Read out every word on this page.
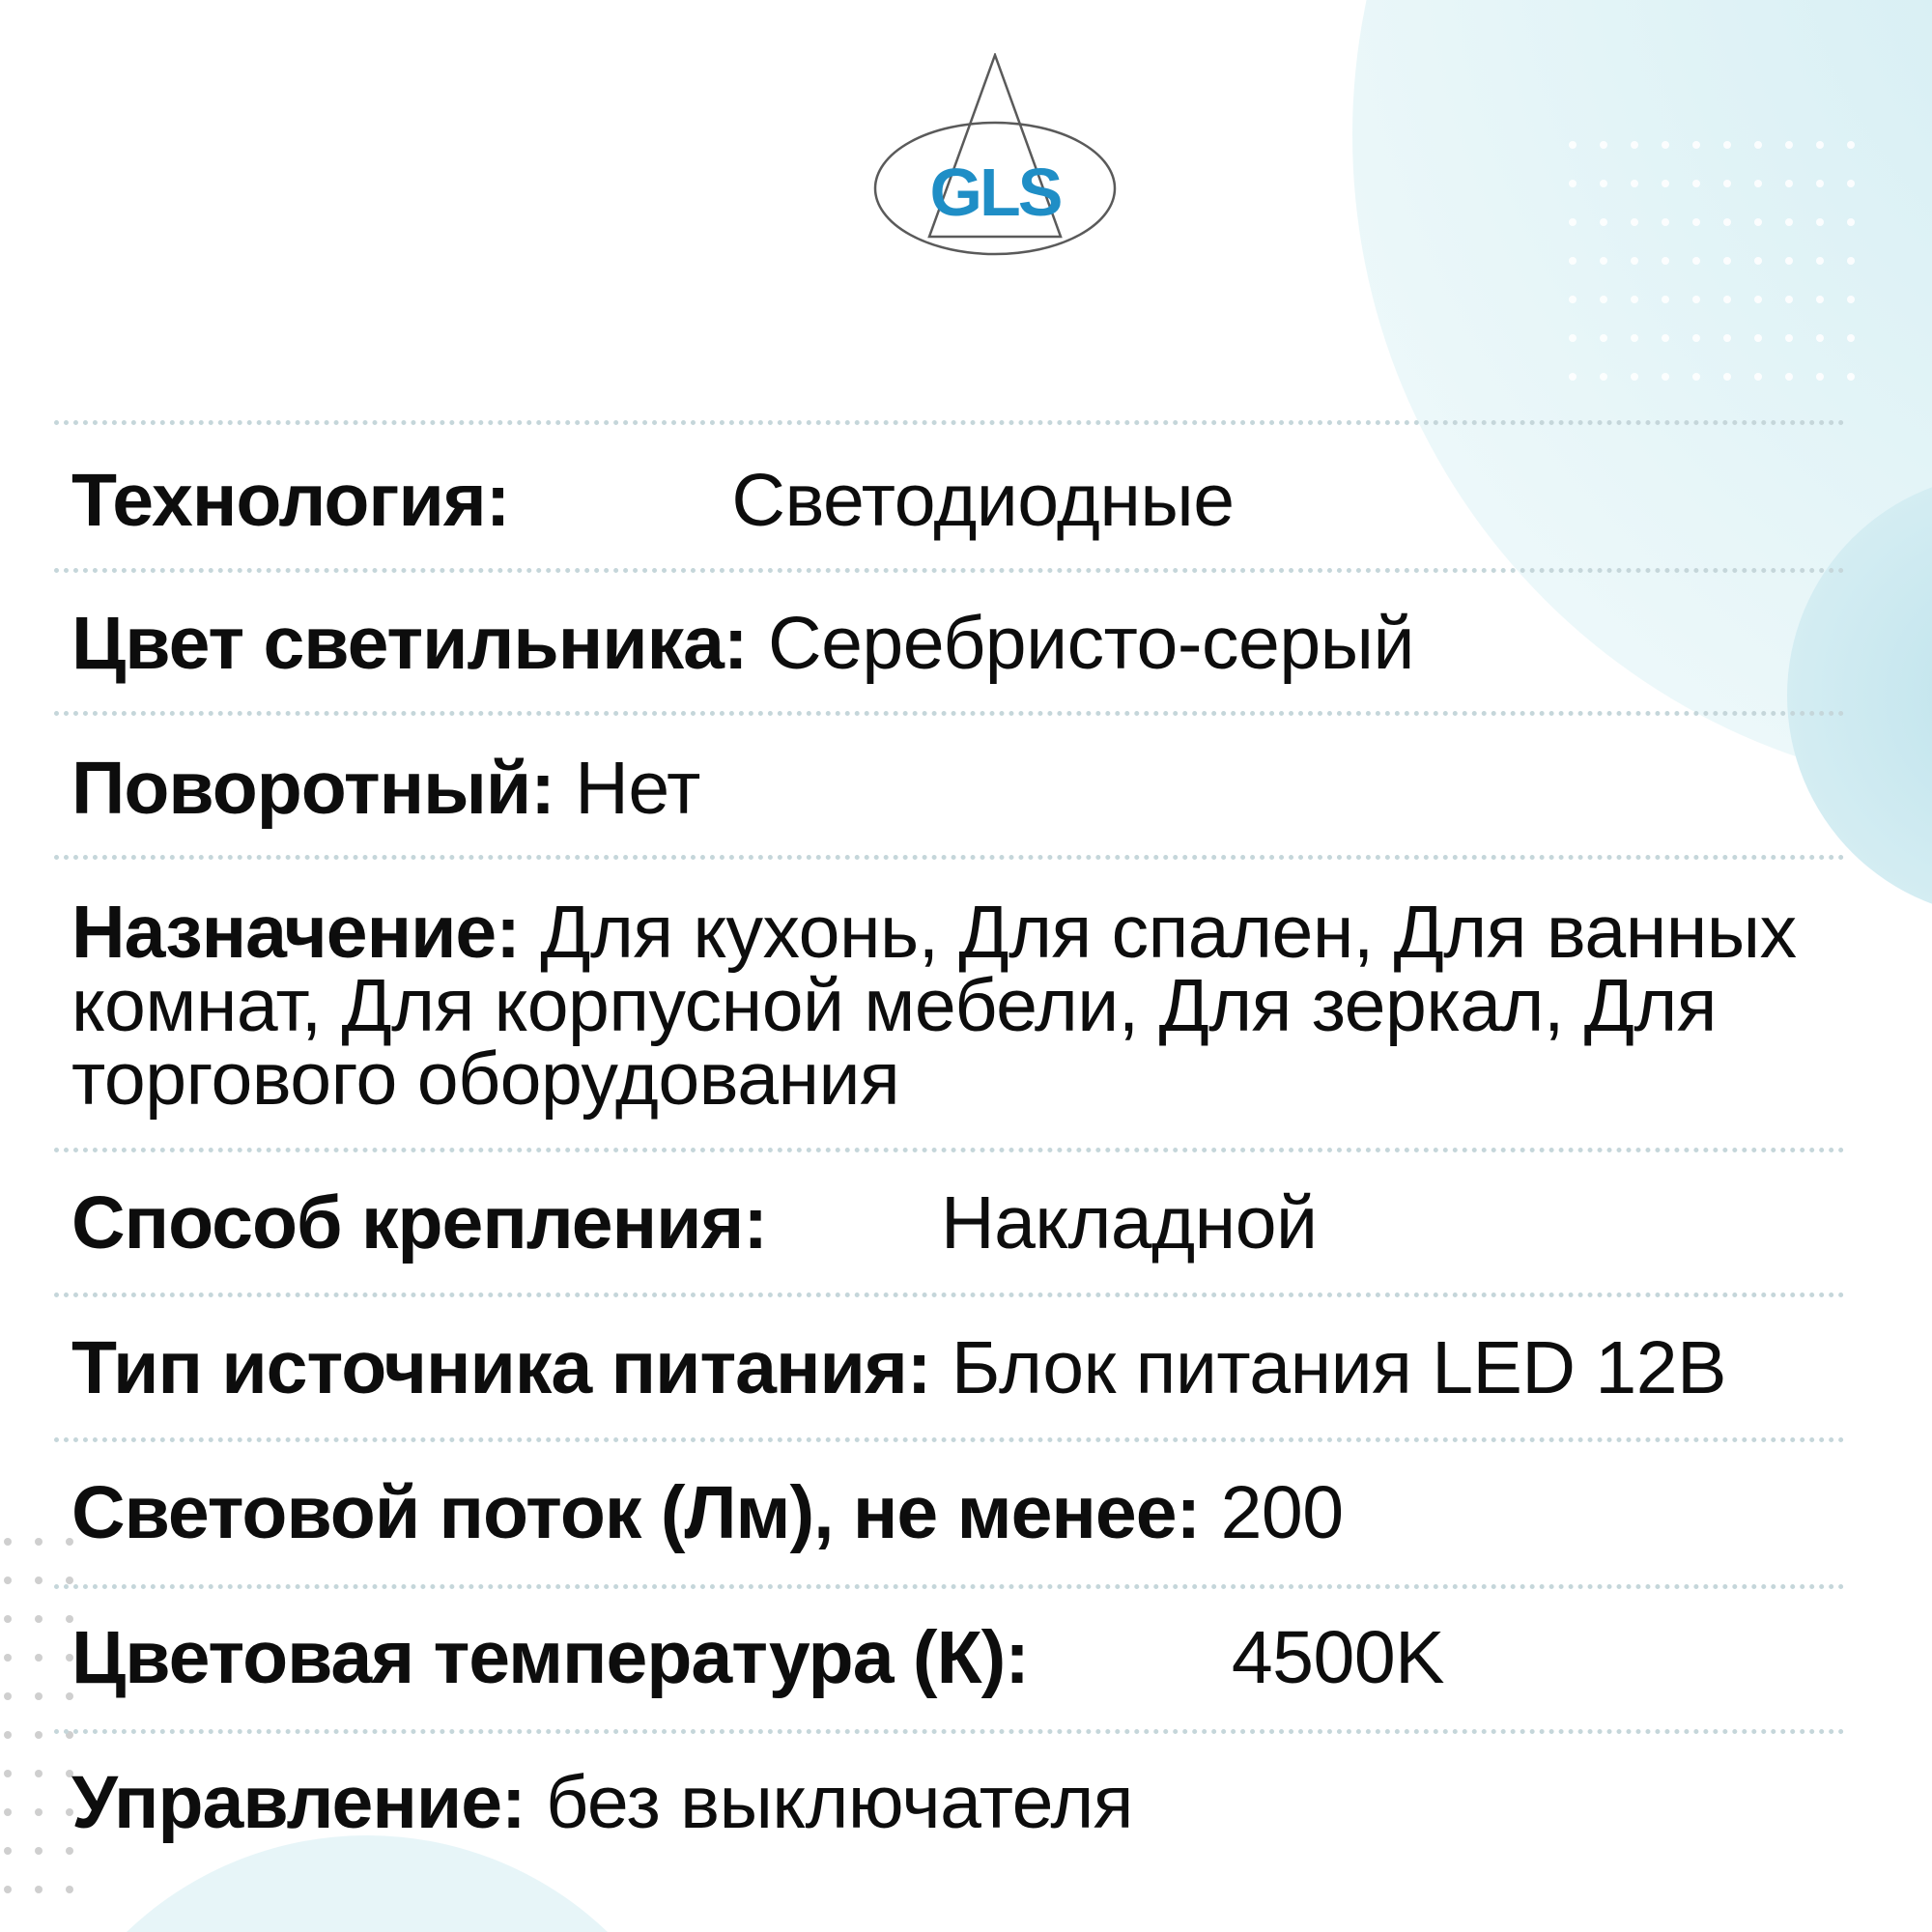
GLS
Технология:	Светодиодные
Цвет светильника: Серебристо-серый
Поворотный: Нет
Назначение: Для кухонь, Для спален, Для ванных комнат, Для корпусной мебели, Для зеркал, Для торгового оборудования
Способ крепления: Накладной
Тип источника питания: Блок питания LED 12В
Световой поток (Лм), не менее: 200
Цветовая температура (К):	4500K
Управление: без выключателя
